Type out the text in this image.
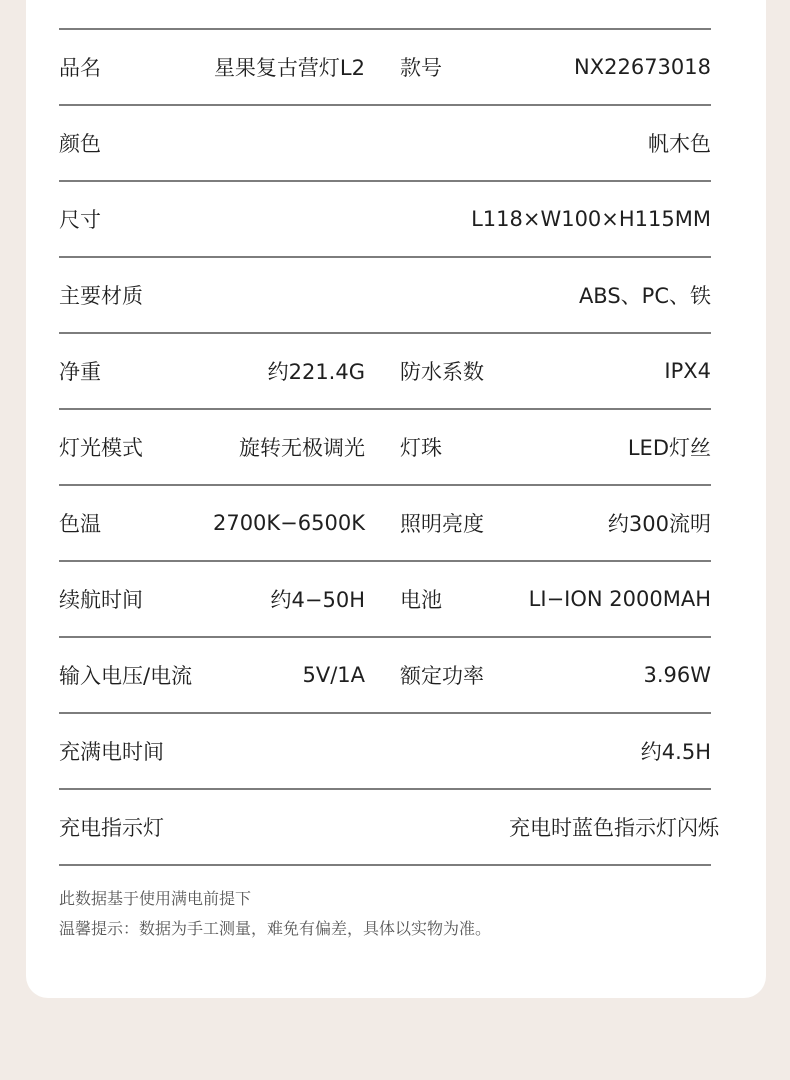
品名	星果复古营灯L2 款号	NX22673018
颜色	帆木色
尺寸	L118×W100×H115MM
主要材质	ABS、PC、铁
净重	约221.4G 防水系数	IPX4
灯光模式	旋转无极调光 灯珠	LED灯丝
色温	2700K−6500K 照明亮度	约300流明
续航时间	约4−50H 电池	LI−ION 2000MAH
输入电压/电流	5V/1A 额定功率	3.96W
充满电时间	约4.5H
充电指示灯	充电时蓝色指示灯闪烁
此数据基于使用满电前提下
温馨提示：数据为手工测量，难免有偏差，具体以实物为准。
